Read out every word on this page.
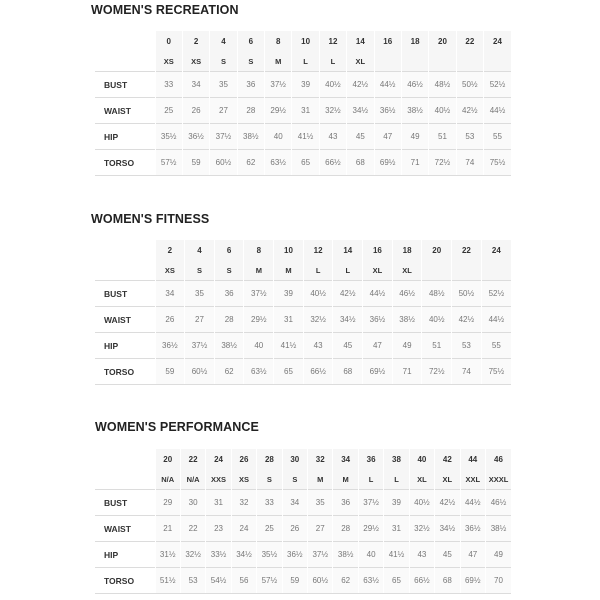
WOMEN'S RECREATION
	0	2	4	6	8	10	12	14	16	18	20	22	24
	XS	XS	S	S	M	L	L	XL					
BUST	33	34	35	36	37½	39	40½	42½	44½	46½	48½	50½	52½
WAIST	25	26	27	28	29½	31	32½	34½	36½	38½	40½	42½	44½
HIP	35½	36½	37½	38½	40	41½	43	45	47	49	51	53	55
TORSO	57½	59	60½	62	63½	65	66½	68	69½	71	72½	74	75½
WOMEN'S FITNESS
	2	4	6	8	10	12	14	16	18	20	22	24
	XS	S	S	M	M	L	L	XL	XL			
BUST	34	35	36	37½	39	40½	42½	44½	46½	48½	50½	52½
WAIST	26	27	28	29½	31	32½	34½	36½	38½	40½	42½	44½
HIP	36½	37½	38½	40	41½	43	45	47	49	51	53	55
TORSO	59	60½	62	63½	65	66½	68	69½	71	72½	74	75½
WOMEN'S PERFORMANCE
	20	22	24	26	28	30	32	34	36	38	40	42	44	46
	N/A	N/A	XXS	XS	S	S	M	M	L	L	XL	XL	XXL	XXXL
BUST	29	30	31	32	33	34	35	36	37½	39	40½	42½	44½	46½
WAIST	21	22	23	24	25	26	27	28	29½	31	32½	34½	36½	38½
HIP	31½	32½	33½	34½	35½	36½	37½	38½	40	41½	43	45	47	49
TORSO	51½	53	54½	56	57½	59	60½	62	63½	65	66½	68	69½	70
